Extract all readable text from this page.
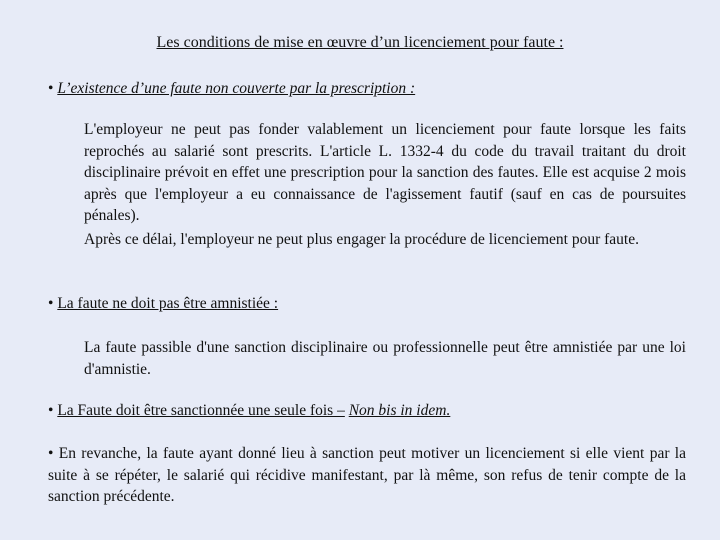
Les conditions de mise en œuvre d’un licenciement pour faute :
• L’existence d’une faute non couverte par la prescription :
L'employeur ne peut pas fonder valablement un licenciement pour faute lorsque les faits reprochés au salarié sont prescrits. L'article L. 1332-4 du code du travail traitant du droit disciplinaire prévoit en effet une prescription pour la sanction des fautes. Elle est acquise 2 mois après que l'employeur a eu connaissance de l'agissement fautif (sauf en cas de poursuites pénales).
Après ce délai, l'employeur ne peut plus engager la procédure de licenciement pour faute.
• La faute ne doit pas être amnistiée :
La faute passible d'une sanction disciplinaire ou professionnelle peut être amnistiée par une loi d'amnistie.
• La Faute doit être sanctionnée une seule fois – Non bis in idem.
• En revanche, la faute ayant donné lieu à sanction peut motiver un licenciement si elle vient par la suite à se répéter, le salarié qui récidive manifestant, par là même, son refus de tenir compte de la sanction précédente.
